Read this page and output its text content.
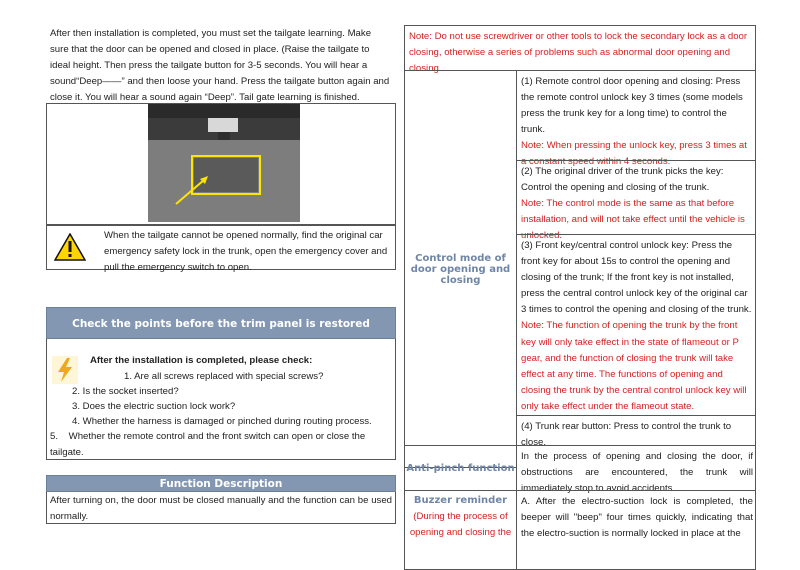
After then installation is completed, you must set the tailgate learning. Make sure that the door can be opened and closed in place. (Raise the tailgate to ideal height. Then press the tailgate button for 3-5 seconds. You will hear a sound“Deep——” and then loose your hand. Press the tailgate button again and close it. You will hear a sound again “Deep”. Tail gate learning is finished.
When the tailgate cannot be opened normally, find the original car emergency safety lock in the trunk, open the emergency cover and pull the emergency switch to open.
Check the points before the trim panel is restored
After the installation is completed, please check:
1. Are all screws replaced with special screws?
2. Is the socket inserted?
3. Does the electric suction lock work?
4. Whether the harness is damaged or pinched during routing process.
5.    Whether the remote control and the front switch can open or close the tailgate.
Function Description
After turning on, the door must be closed manually and the function can be used normally.
Note: Do not use screwdriver or other tools to lock the secondary lock as a door closing, otherwise a series of problems such as abnormal door opening and closing.
Control mode of door opening and closing
(1) Remote control door opening and closing: Press the remote control unlock key 3 times (some models press the trunk key for a long time) to control the trunk.
Note: When pressing the unlock key, press 3 times at a constant speed within 4 seconds.
(2) The original driver of the trunk picks the key: Control the opening and closing of the trunk.
Note: The control mode is the same as that before installation, and will not take effect until the vehicle is unlocked.
(3) Front key/central control unlock key: Press the front key for about 15s to control the opening and closing of the trunk; If the front key is not installed, press the central control unlock key of the original car 3 times to control the opening and closing of the trunk.
Note: The function of opening the trunk by the front key will only take effect in the state of flameout or P gear, and the function of closing the trunk will take effect at any time. The functions of opening and closing the trunk by the central control unlock key will only take effect under the flameout state.
(4) Trunk rear button: Press to control the trunk to close.
Anti-pinch function
In the process of opening and closing the door, if obstructions are encountered, the trunk will immediately stop to avoid accidents.
Buzzer reminder
(During the process of opening and closing the
A. After the electro-suction lock is completed, the beeper will "beep" four times quickly, indicating that the electro-suction is normally locked in place at the
